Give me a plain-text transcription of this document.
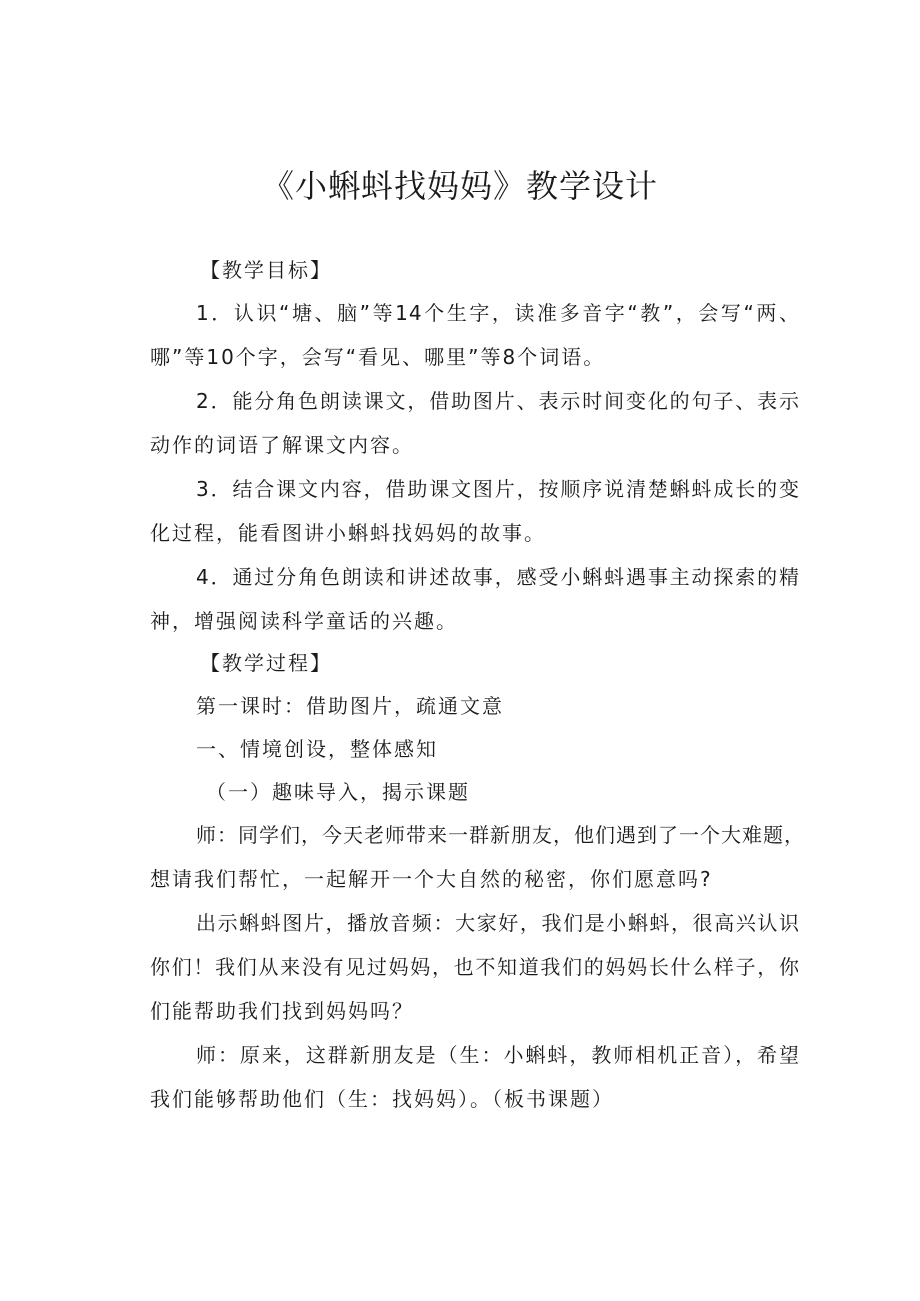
《小蝌蚪找妈妈》教学设计

【教学目标】

1．认识“塘、脑”等14个生字，读准多音字“教”，会写“两、

哪”等10个字，会写“看见、哪里”等8个词语。

2．能分角色朗读课文，借助图片、表示时间变化的句子、表示

动作的词语了解课文内容。

3．结合课文内容，借助课文图片，按顺序说清楚蝌蚪成长的变

化过程，能看图讲小蝌蚪找妈妈的故事。

4．通过分角色朗读和讲述故事，感受小蝌蚪遇事主动探索的精

神，增强阅读科学童话的兴趣。

【教学过程】

第一课时：借助图片，疏通文意

一、情境创设，整体感知

（一）趣味导入，揭示课题

师：同学们，今天老师带来一群新朋友，他们遇到了一个大难题，

想请我们帮忙，一起解开一个大自然的秘密，你们愿意吗?

出示蝌蚪图片，播放音频：大家好，我们是小蝌蚪，很高兴认识

你们！我们从来没有见过妈妈，也不知道我们的妈妈长什么样子，你

们能帮助我们找到妈妈吗？

师：原来，这群新朋友是（生：小蝌蚪，教师相机正音），希望

我们能够帮助他们（生：找妈妈）。（板书课题）
